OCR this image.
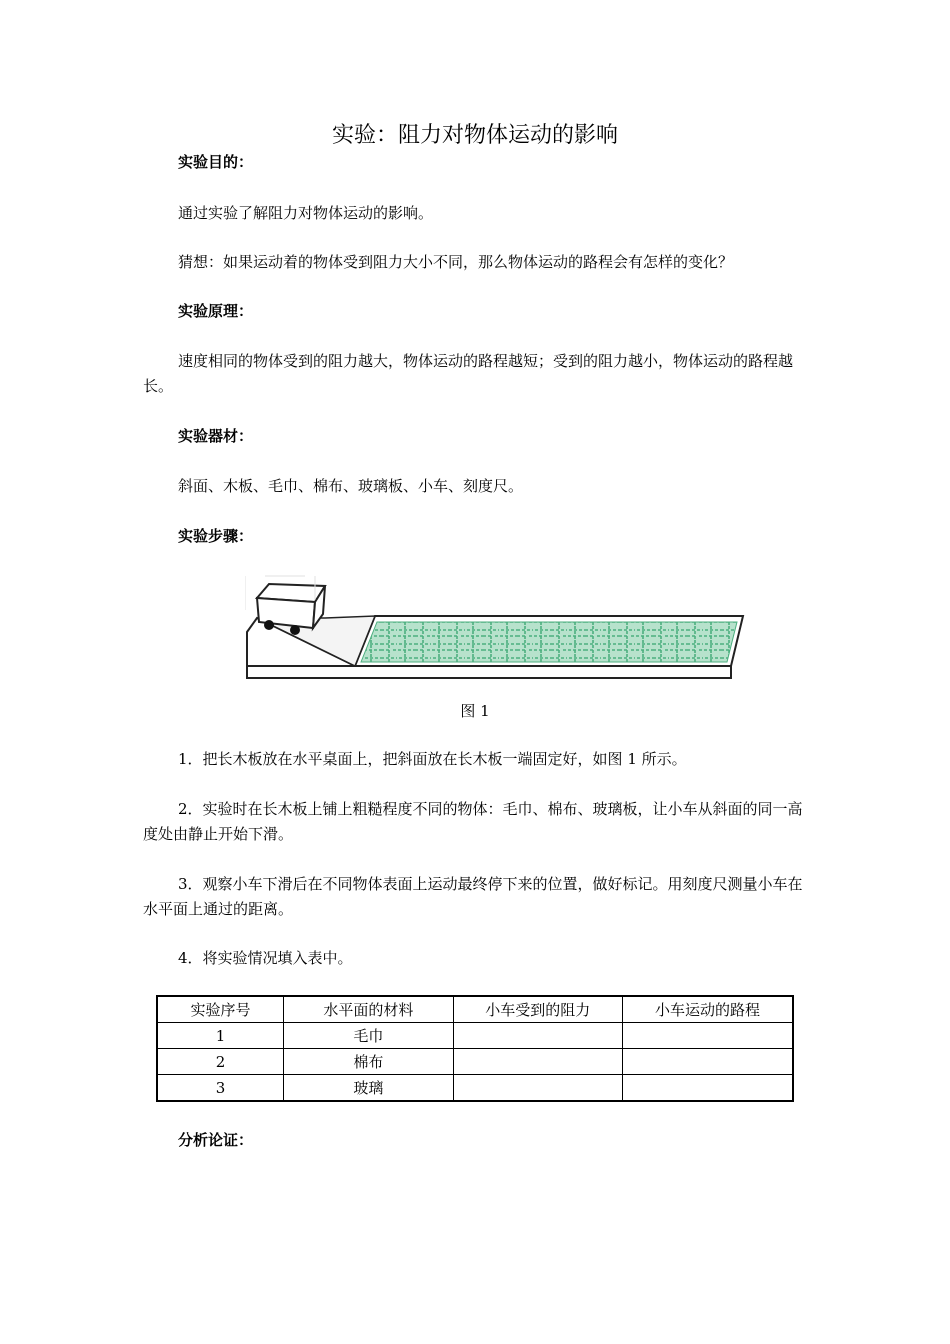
实验：阻力对物体运动的影响
实验目的：
通过实验了解阻力对物体运动的影响。
猜想：如果运动着的物体受到阻力大小不同，那么物体运动的路程会有怎样的变化？
实验原理：
速度相同的物体受到的阻力越大，物体运动的路程越短；受到的阻力越小，物体运动的路程越长。
实验器材：
斜面、木板、毛巾、棉布、玻璃板、小车、刻度尺。
实验步骤：
图 1
1．把长木板放在水平桌面上，把斜面放在长木板一端固定好，如图 1 所示。
2．实验时在长木板上铺上粗糙程度不同的物体：毛巾、棉布、玻璃板，让小车从斜面的同一高度处由静止开始下滑。
3．观察小车下滑后在不同物体表面上运动最终停下来的位置，做好标记。用刻度尺测量小车在水平面上通过的距离。
4．将实验情况填入表中。
实验序号	水平面的材料	小车受到的阻力	小车运动的路程
1	毛巾		
2	棉布		
3	玻璃		
分析论证：
